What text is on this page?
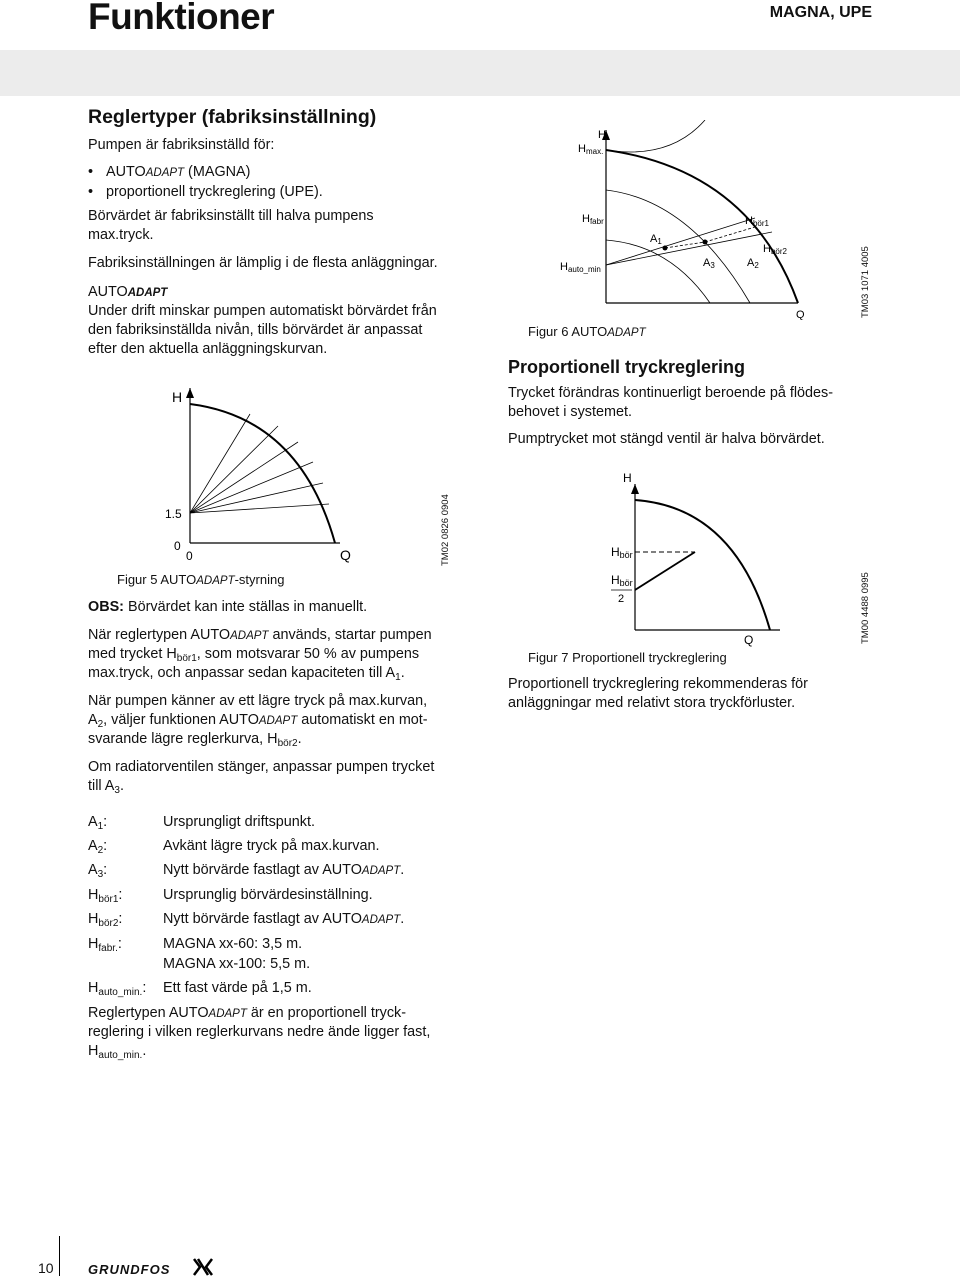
Funktioner	MAGNA, UPE
Reglertyper (fabriksinställning)
Pumpen är fabriksinställd för:
• AUTOADAPT (MAGNA)
• proportionell tryckreglering (UPE).
Börvärdet är fabriksinställt till halva pumpens
max.tryck.
Fabriksinställningen är lämplig i de flesta anläggningar.
AUTOADAPT
Under drift minskar pumpen automatiskt börvärdet från
den fabriksinställda nivån, tills börvärdet är anpassat
efter den aktuella anläggningskurvan.
H
1.5
0
0	Q	TM02 0826 0904
Figur 5 AUTOADAPT-styrning
OBS: Börvärdet kan inte ställas in manuellt.
När reglertypen AUTOADAPT används, startar pumpen
med trycket $H_{bör1}$, som motsvarar 50 % av pumpens
max.tryck, och anpassar sedan kapaciteten till $A_1$.
När pumpen känner av ett lägre tryck på max.kurvan,
$A_2$, väljer funktionen AUTOADAPT automatiskt en mot-
svarande lägre reglerkurva, $H_{bör2}$.
Om radiatorventilen stänger, anpassar pumpen trycket
till $A_3$.
$A_1$:	Ursprungligt driftspunkt.
$A_2$:	Avkänt lägre tryck på max.kurvan.
$A_3$:	Nytt börvärde fastlagt av AUTOADAPT.
$H_{bör1}$:	Ursprunglig börvärdesinställning.
$H_{bör2}$:	Nytt börvärde fastlagt av AUTOADAPT.
$H_{fabr.}$:	MAGNA xx-60: 3,5 m.
MAGNA xx-100: 5,5 m.
$H_{auto\_min.}$:	Ett fast värde på 1,5 m.
Reglertypen AUTOADAPT är en proportionell tryck-
reglering i vilken reglerkurvans nedre ände ligger fast,
$H_{auto\_min.}$.
H
Hmax.
Hfabr
Hauto_min
A1
A3	A2
Hbör1
Hbör2
Q	TM03 1071 4005
Figur 6 AUTOADAPT
Proportionell tryckreglering
Trycket förändras kontinuerligt beroende på flödes-
behovet i systemet.
Pumptrycket mot stängd ventil är halva börvärdet.
H
Hbör
Hbör
2
Q	TM00 4488 0995
Figur 7 Proportionell tryckreglering
Proportionell tryckreglering rekommenderas för
anläggningar med relativt stora tryckförluster.
10	GRUNDFOS
